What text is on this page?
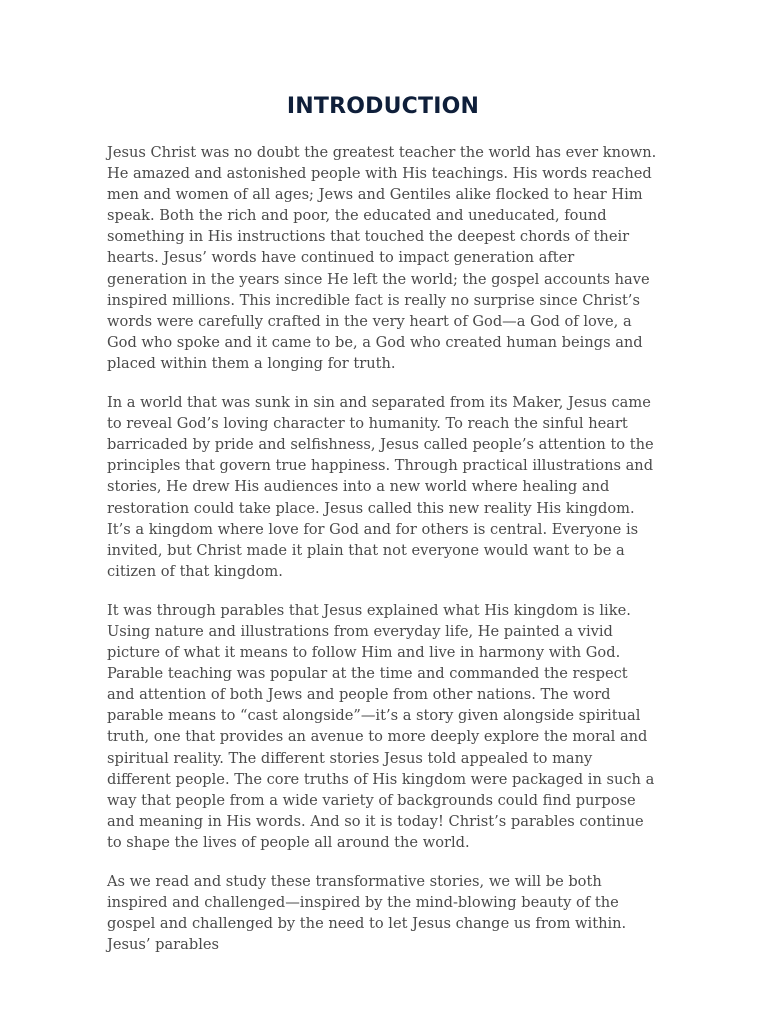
INTRODUCTION

Jesus Christ was no doubt the greatest teacher the world has ever known. He amazed and astonished people with His teachings. His words reached men and women of all ages; Jews and Gentiles alike flocked to hear Him speak. Both the rich and poor, the educated and uneducated, found something in His instructions that touched the deepest chords of their hearts. Jesus’ words have continued to impact generation after generation in the years since He left the world; the gospel accounts have inspired millions. This incredible fact is really no surprise since Christ’s words were carefully crafted in the very heart of God—a God of love, a God who spoke and it came to be, a God who created human beings and placed within them a longing for truth.

In a world that was sunk in sin and separated from its Maker, Jesus came to reveal God’s loving character to humanity. To reach the sinful heart barricaded by pride and selfishness, Jesus called people’s attention to the principles that govern true happiness. Through practical illustrations and stories, He drew His audiences into a new world where healing and restoration could take place. Jesus called this new reality His kingdom. It’s a kingdom where love for God and for others is central. Everyone is invited, but Christ made it plain that not everyone would want to be a citizen of that kingdom.

It was through parables that Jesus explained what His kingdom is like. Using nature and illustrations from everyday life, He painted a vivid picture of what it means to follow Him and live in harmony with God. Parable teaching was popular at the time and commanded the respect and attention of both Jews and people from other nations. The word parable means to “cast alongside”—it’s a story given alongside spiritual truth, one that provides an avenue to more deeply explore the moral and spiritual reality. The different stories Jesus told appealed to many different people. The core truths of His kingdom were packaged in such a way that people from a wide variety of backgrounds could find purpose and meaning in His words. And so it is today! Christ’s parables continue to shape the lives of people all around the world.

As we read and study these transformative stories, we will be both inspired and challenged—inspired by the mind-blowing beauty of the gospel and challenged by the need to let Jesus change us from within. Jesus’ parables
